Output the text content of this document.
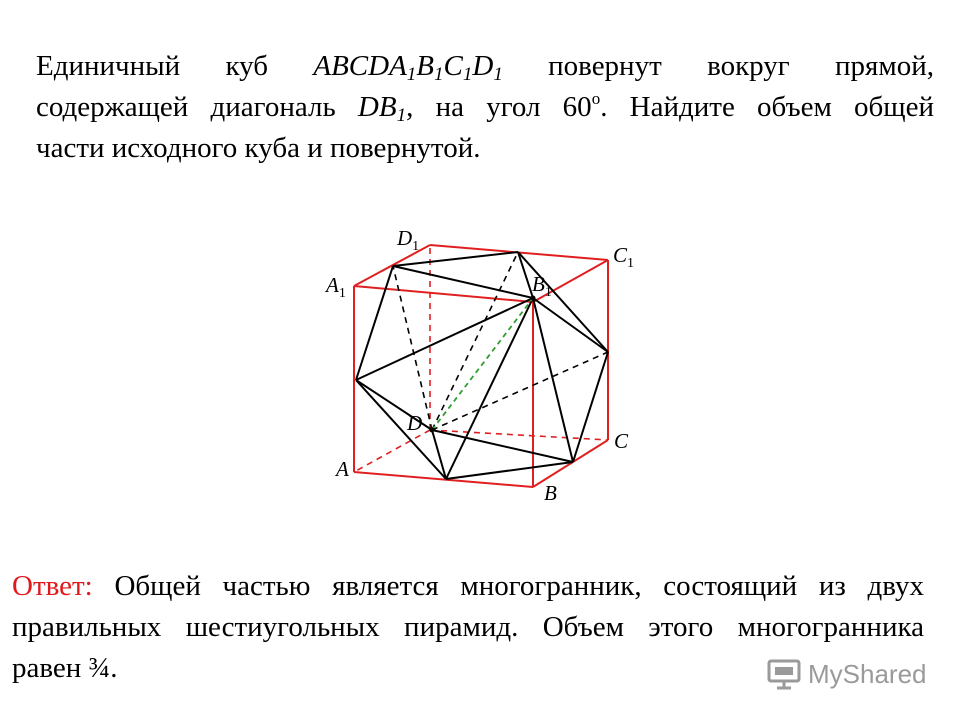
Единичный куб $ABCDA_1B_1C_1D_1$ повернут вокруг прямой,
содержащей диагональ $DB_1$, на угол 60$^o$. Найдите объем общей
части исходного куба и повернутой.
$D_1$	$C_1$
$A_1$	$B_1$
D
C
A
B
Ответ: Общей частью является многогранник, состоящий из двух
правильных шестиугольных пирамид. Объем этого многогранника
равен ¾.	MyShared
